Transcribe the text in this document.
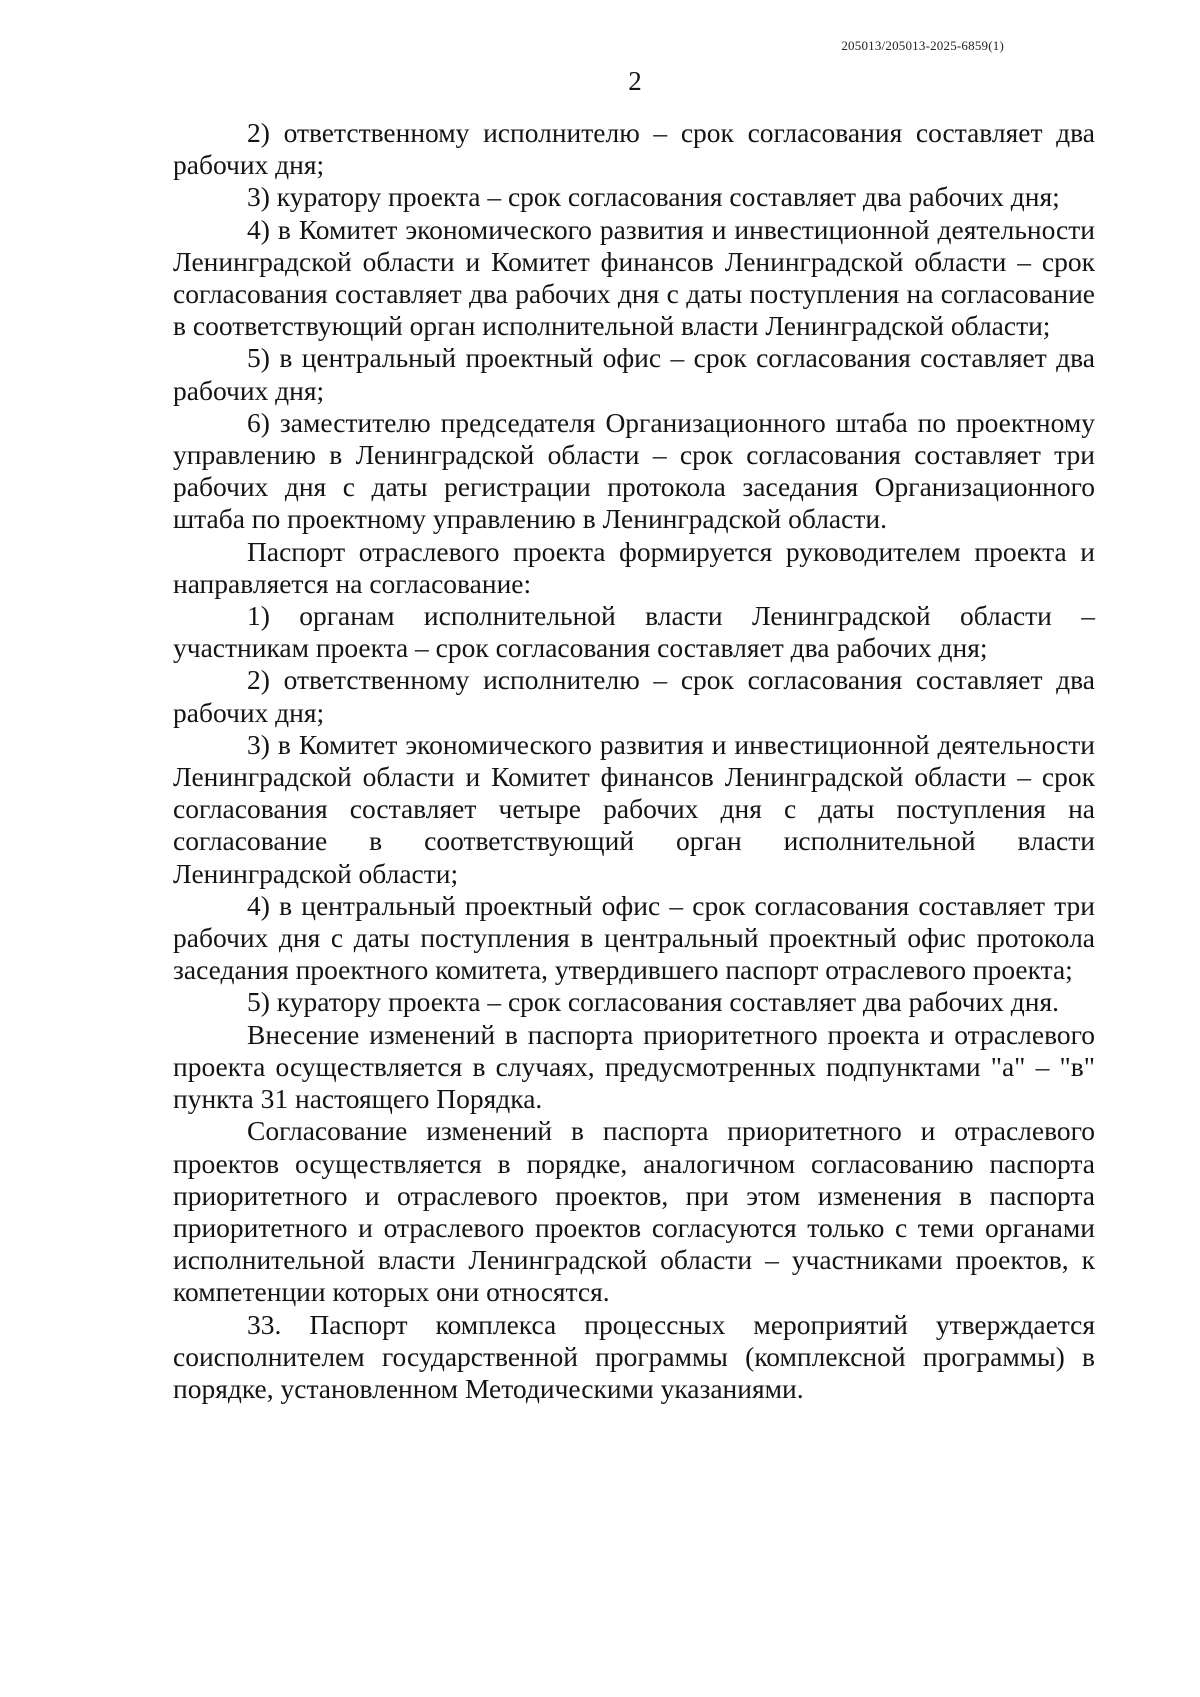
205013/205013-2025-6859(1)
2

2) ответственному исполнителю – срок согласования составляет два рабочих дня;

3) куратору проекта – срок согласования составляет два рабочих дня;

4) в Комитет экономического развития и инвестиционной деятельности Ленинградской области и Комитет финансов Ленинградской области – срок согласования составляет два рабочих дня с даты поступления на согласование в соответствующий орган исполнительной власти Ленинградской области;

5) в центральный проектный офис – срок согласования составляет два рабочих дня;

6) заместителю председателя Организационного штаба по проектному управлению в Ленинградской области – срок согласования составляет три рабочих дня с даты регистрации протокола заседания Организационного штаба по проектному управлению в Ленинградской области.

Паспорт отраслевого проекта формируется руководителем проекта и направляется на согласование:

1) органам исполнительной власти Ленинградской области – участникам проекта – срок согласования составляет два рабочих дня;

2) ответственному исполнителю – срок согласования составляет два рабочих дня;

3) в Комитет экономического развития и инвестиционной деятельности Ленинградской области и Комитет финансов Ленинградской области – срок согласования составляет четыре рабочих дня с даты поступления на согласование в соответствующий орган исполнительной власти Ленинградской области;

4) в центральный проектный офис – срок согласования составляет три рабочих дня с даты поступления в центральный проектный офис протокола заседания проектного комитета, утвердившего паспорт отраслевого проекта;

5) куратору проекта – срок согласования составляет два рабочих дня.

Внесение изменений в паспорта приоритетного проекта и отраслевого проекта осуществляется в случаях, предусмотренных подпунктами "а" – "в" пункта 31 настоящего Порядка.

Согласование изменений в паспорта приоритетного и отраслевого проектов осуществляется в порядке, аналогичном согласованию паспорта приоритетного и отраслевого проектов, при этом изменения в паспорта приоритетного и отраслевого проектов согласуются только с теми органами исполнительной власти Ленинградской области – участниками проектов, к компетенции которых они относятся.

33. Паспорт комплекса процессных мероприятий утверждается соисполнителем государственной программы (комплексной программы) в порядке, установленном Методическими указаниями.
